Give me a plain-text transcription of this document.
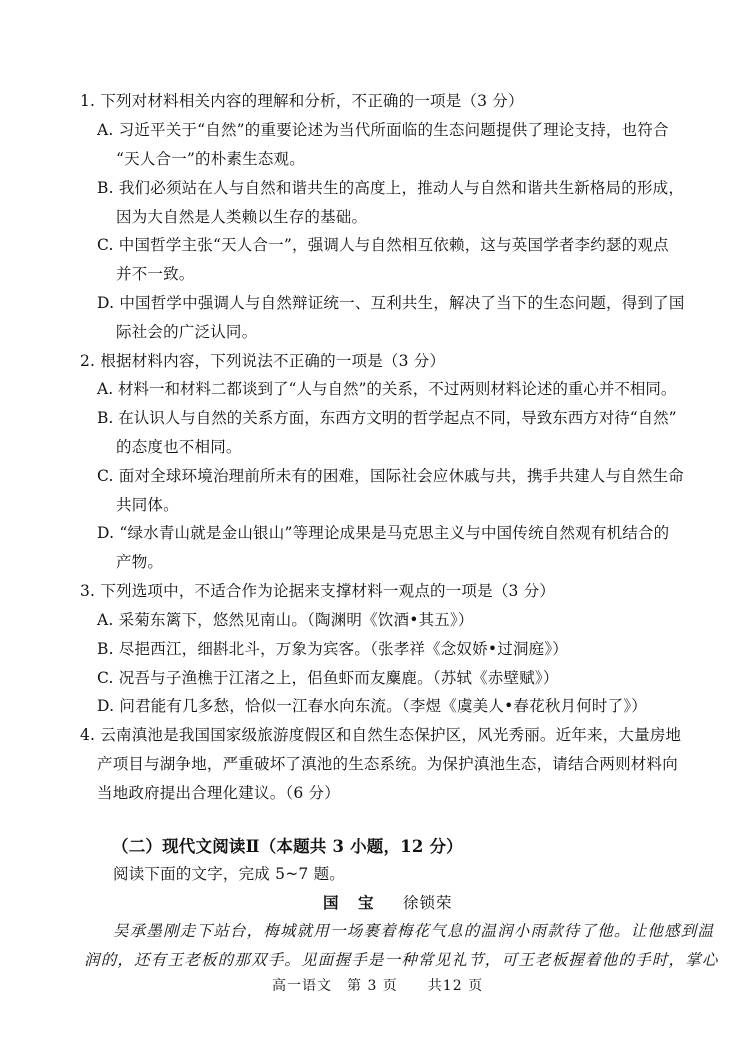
1. 下列对材料相关内容的理解和分析，不正确的一项是（3 分）
A. 习近平关于“自然”的重要论述为当代所面临的生态问题提供了理论支持，也符合
“天人合一”的朴素生态观。
B. 我们必须站在人与自然和谐共生的高度上，推动人与自然和谐共生新格局的形成，
因为大自然是人类赖以生存的基础。
C. 中国哲学主张“天人合一”，强调人与自然相互依赖，这与英国学者李约瑟的观点
并不一致。
D. 中国哲学中强调人与自然辩证统一、互利共生，解决了当下的生态问题，得到了国
际社会的广泛认同。
2. 根据材料内容，下列说法不正确的一项是（3 分）
A. 材料一和材料二都谈到了“人与自然”的关系，不过两则材料论述的重心并不相同。
B. 在认识人与自然的关系方面，东西方文明的哲学起点不同，导致东西方对待“自然”
的态度也不相同。
C. 面对全球环境治理前所未有的困难，国际社会应休戚与共，携手共建人与自然生命
共同体。
D. “绿水青山就是金山银山”等理论成果是马克思主义与中国传统自然观有机结合的
产物。
3. 下列选项中，不适合作为论据来支撑材料一观点的一项是（3 分）
A. 采菊东篱下，悠然见南山。（陶渊明《饮酒•其五》）
B. 尽挹西江，细斟北斗，万象为宾客。（张孝祥《念奴娇•过洞庭》）
C. 况吾与子渔樵于江渚之上，侣鱼虾而友麋鹿。（苏轼《赤壁赋》）
D. 问君能有几多愁，恰似一江春水向东流。（李煜《虞美人•春花秋月何时了》）
4. 云南滇池是我国国家级旅游度假区和自然生态保护区，风光秀丽。近年来，大量房地
产项目与湖争地，严重破坏了滇池的生态系统。为保护滇池生态，请结合两则材料向
当地政府提出合理化建议。（6 分）
（二）现代文阅读Ⅱ（本题共 3 小题，12 分）
阅读下面的文字，完成 5~7 题。
国　宝 徐锁荣
吴承墨刚走下站台，梅城就用一场裹着梅花气息的温润小雨款待了他。让他感到温
润的，还有王老板的那双手。见面握手是一种常见礼节，可王老板握着他的手时，掌心
高一语文　第 3 页　　共12 页
